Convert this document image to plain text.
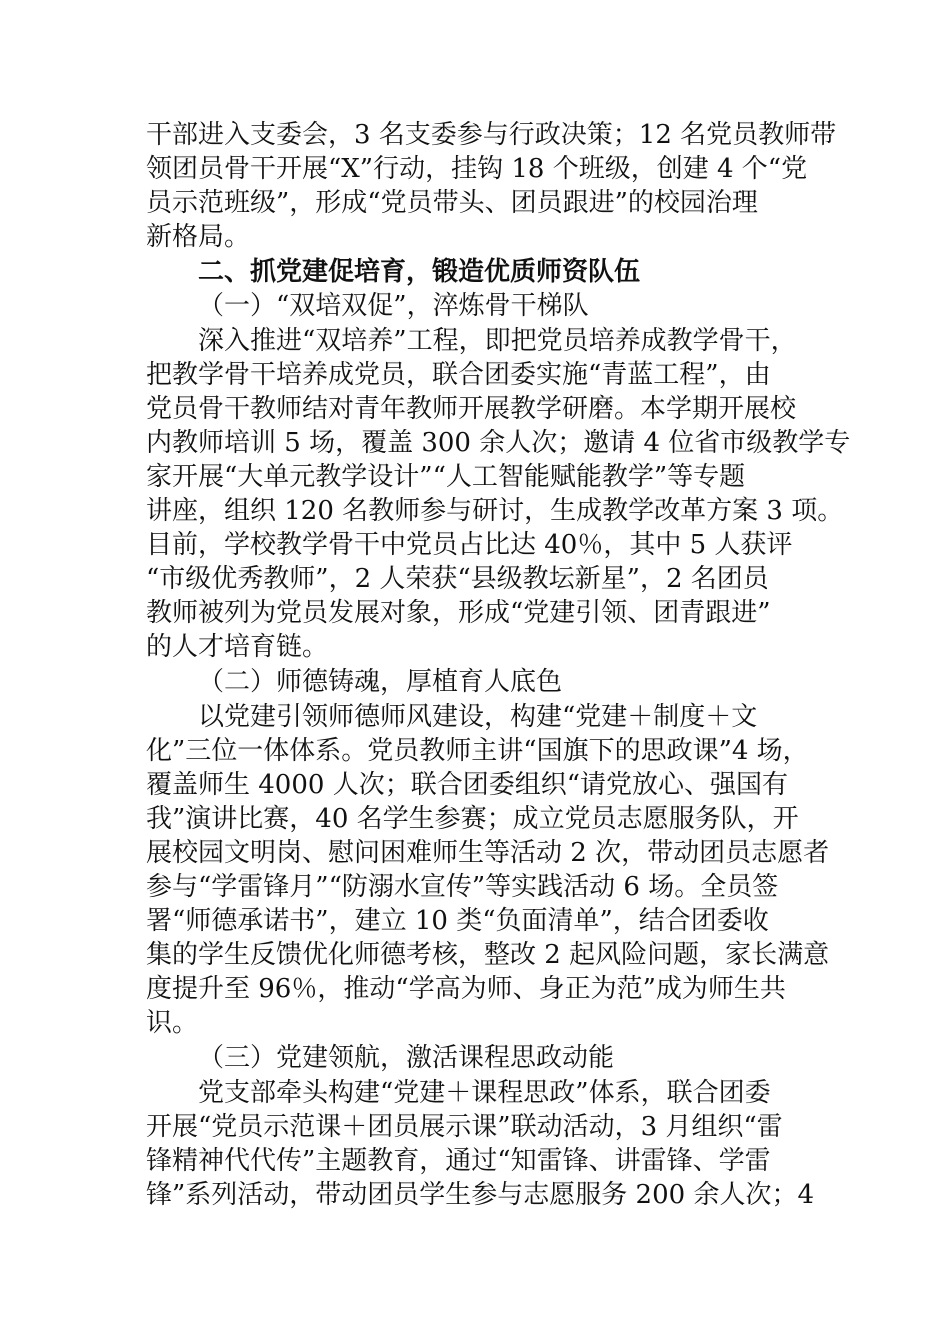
干部进入支委会，3 名支委参与行政决策；12 名党员教师带
领团员骨干开展“X”行动，挂钩 18 个班级，创建 4 个“党
员示范班级”，形成“党员带头、团员跟进”的校园治理
新格局。
二、抓党建促培育，锻造优质师资队伍
（一）“双培双促”，淬炼骨干梯队
深入推进“双培养”工程，即把党员培养成教学骨干，
把教学骨干培养成党员，联合团委实施“青蓝工程”，由
党员骨干教师结对青年教师开展教学研磨。本学期开展校
内教师培训 5 场，覆盖 300 余人次；邀请 4 位省市级教学专
家开展“大单元教学设计”“人工智能赋能教学”等专题
讲座，组织 120 名教师参与研讨，生成教学改革方案 3 项。
目前，学校教学骨干中党员占比达 40％，其中 5 人获评
“市级优秀教师”，2 人荣获“县级教坛新星”，2 名团员
教师被列为党员发展对象，形成“党建引领、团青跟进”
的人才培育链。
（二）师德铸魂，厚植育人底色
以党建引领师德师风建设，构建“党建＋制度＋文
化”三位一体体系。党员教师主讲“国旗下的思政课”4 场，
覆盖师生 4000 人次；联合团委组织“请党放心、强国有
我”演讲比赛，40 名学生参赛；成立党员志愿服务队，开
展校园文明岗、慰问困难师生等活动 2 次，带动团员志愿者
参与“学雷锋月”“防溺水宣传”等实践活动 6 场。全员签
署“师德承诺书”，建立 10 类“负面清单”，结合团委收
集的学生反馈优化师德考核，整改 2 起风险问题，家长满意
度提升至 96％，推动“学高为师、身正为范”成为师生共
识。
（三）党建领航，激活课程思政动能
党支部牵头构建“党建＋课程思政”体系，联合团委
开展“党员示范课＋团员展示课”联动活动，3 月组织“雷
锋精神代代传”主题教育，通过“知雷锋、讲雷锋、学雷
锋”系列活动，带动团员学生参与志愿服务 200 余人次；4
